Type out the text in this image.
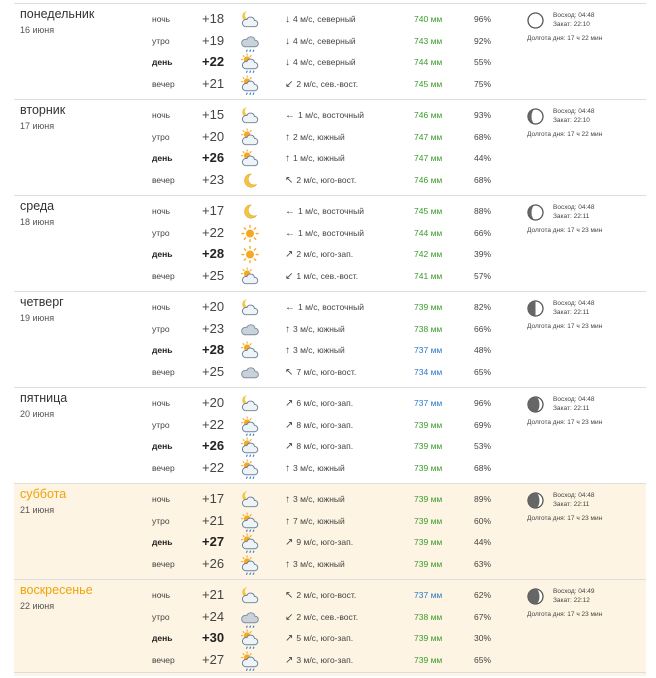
понедельник
16 июня
ночь +18	↓ 4 м/с, северный	740 мм	96%
утро +19	↓ 4 м/с, северный	743 мм	92%
день +22	↓ 4 м/с, северный	744 мм	55%
вечер +21	↙ 2 м/с, сев.-вост.	745 мм	75%
Восход: 04:48
Закат: 22:10
Долгота дня: 17 ч 22 мин
вторник
17 июня
ночь +15	← 1 м/с, восточный	746 мм	93%
утро +20	↑ 2 м/с, южный	747 мм	68%
день +26	↑ 1 м/с, южный	747 мм	44%
вечер +23	↖ 2 м/с, юго-вост.	746 мм	68%
Восход: 04:48
Закат: 22:10
Долгота дня: 17 ч 22 мин
среда
18 июня
ночь +17	← 1 м/с, восточный	745 мм	88%
утро +22	← 1 м/с, восточный	744 мм	66%
день +28	↗ 2 м/с, юго-зап.	742 мм	39%
вечер +25	↙ 1 м/с, сев.-вост.	741 мм	57%
Восход: 04:48
Закат: 22:11
Долгота дня: 17 ч 23 мин
четверг
19 июня
ночь +20	← 1 м/с, восточный	739 мм	82%
утро +23	↑ 3 м/с, южный	738 мм	66%
день +28	↑ 3 м/с, южный	737 мм	48%
вечер +25	↖ 7 м/с, юго-вост.	734 мм	65%
Восход: 04:48
Закат: 22:11
Долгота дня: 17 ч 23 мин
пятница
20 июня
ночь +20	↗ 6 м/с, юго-зап.	737 мм	96%
утро +22	↗ 8 м/с, юго-зап.	739 мм	69%
день +26	↗ 8 м/с, юго-зап.	739 мм	53%
вечер +22	↑ 3 м/с, южный	739 мм	68%
Восход: 04:48
Закат: 22:11
Долгота дня: 17 ч 23 мин
суббота
21 июня
ночь +17	↑ 3 м/с, южный	739 мм	89%
утро +21	↑ 7 м/с, южный	739 мм	60%
день +27	↗ 9 м/с, юго-зап.	739 мм	44%
вечер +26	↑ 3 м/с, южный	739 мм	63%
Восход: 04:48
Закат: 22:11
Долгота дня: 17 ч 23 мин
воскресенье
22 июня
ночь +21	↖ 2 м/с, юго-вост.	737 мм	62%
утро +24	↙ 2 м/с, сев.-вост.	738 мм	67%
день +30	↗ 5 м/с, юго-зап.	739 мм	30%
вечер +27	↗ 3 м/с, юго-зап.	739 мм	65%
Восход: 04:49
Закат: 22:12
Долгота дня: 17 ч 23 мин
